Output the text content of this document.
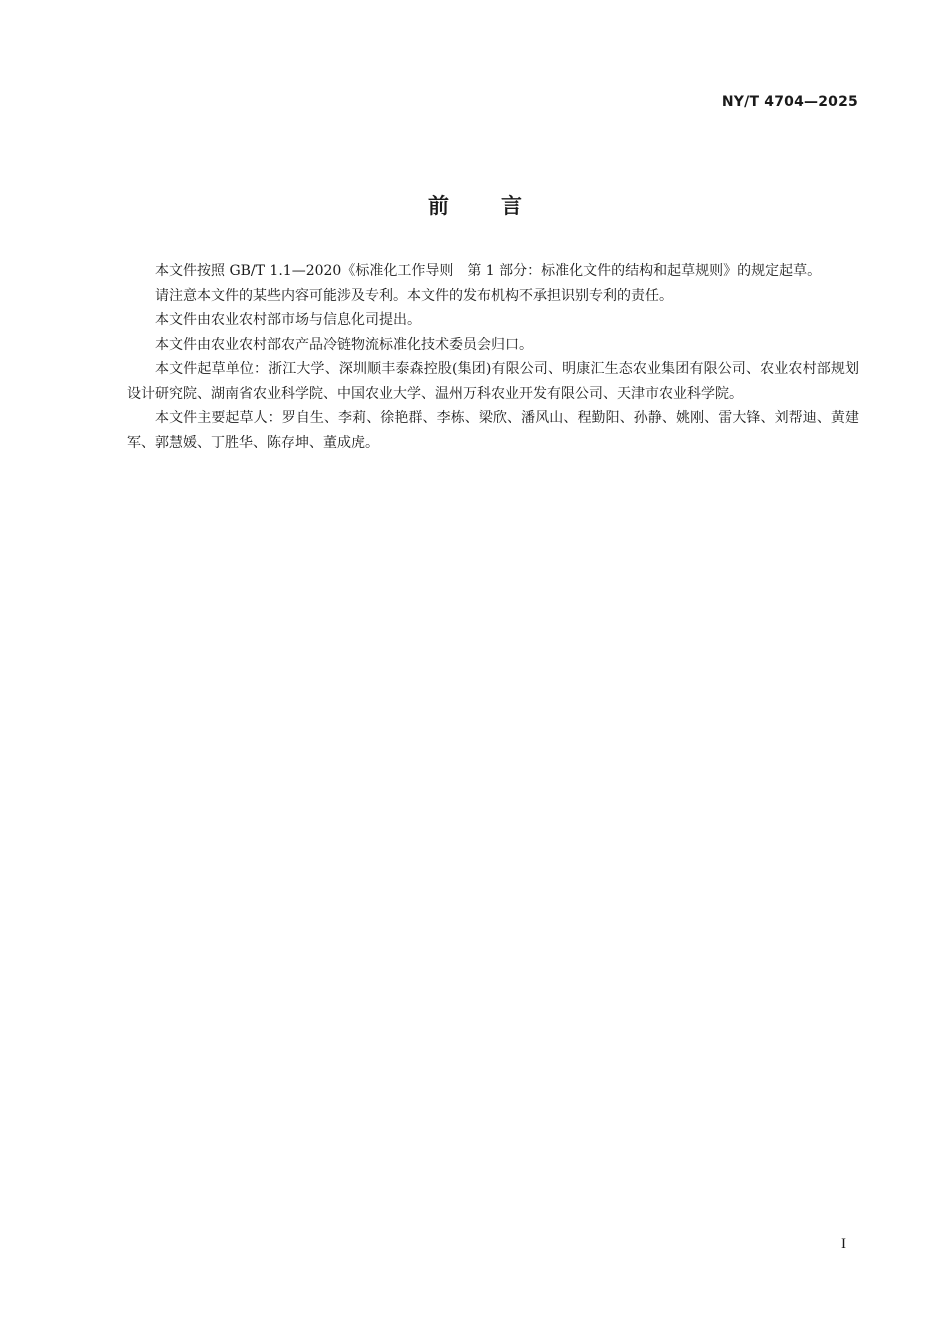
NY/T 4704—2025
前言

本文件按照 GB/T 1.1—2020《标准化工作导则　第 1 部分：标准化文件的结构和起草规则》的规定起草。

请注意本文件的某些内容可能涉及专利。本文件的发布机构不承担识别专利的责任。

本文件由农业农村部市场与信息化司提出。

本文件由农业农村部农产品冷链物流标准化技术委员会归口。

本文件起草单位：浙江大学、深圳顺丰泰森控股(集团)有限公司、明康汇生态农业集团有限公司、农业农村部规划设计研究院、湖南省农业科学院、中国农业大学、温州万科农业开发有限公司、天津市农业科学院。

本文件主要起草人：罗自生、李莉、徐艳群、李栋、梁欣、潘风山、程勤阳、孙静、姚刚、雷大锋、刘帮迪、黄建军、郭慧媛、丁胜华、陈存坤、董成虎。

I
